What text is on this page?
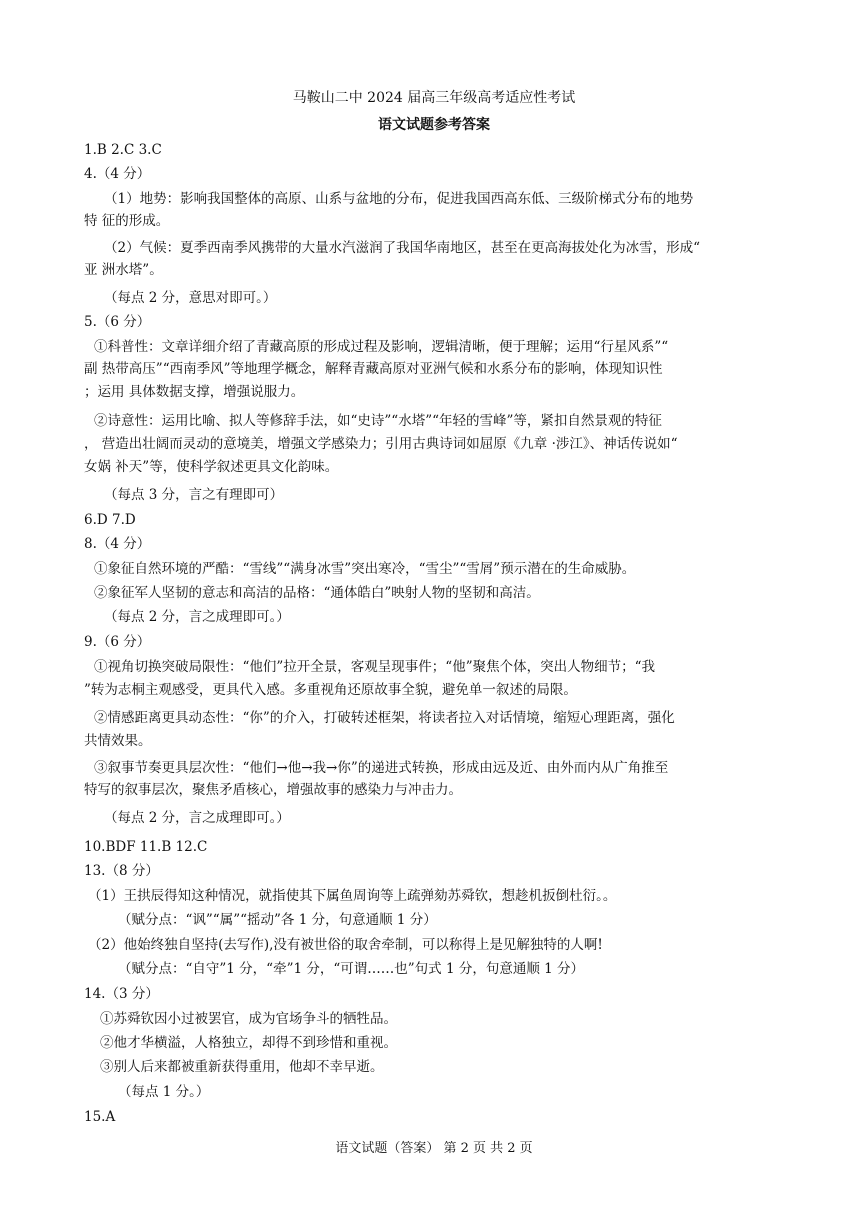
马鞍山二中 2024 届高三年级高考适应性考试
语文试题参考答案
1.B 2.C 3.C
4.（4 分）
（1）地势：影响我国整体的高原、山系与盆地的分布，促进我国西高东低、三级阶梯式分布的地势
特 征的形成。
（2）气候：夏季西南季风携带的大量水汽滋润了我国华南地区，甚至在更高海拔处化为冰雪，形成“
亚 洲水塔”。
（每点 2 分，意思对即可。）
5.（6 分）
①科普性：文章详细介绍了青藏高原的形成过程及影响，逻辑清晰，便于理解；运用“行星风系”“
副 热带高压”“西南季风”等地理学概念，解释青藏高原对亚洲气候和水系分布的影响，体现知识性
；运用 具体数据支撑，增强说服力。
②诗意性：运用比喻、拟人等修辞手法，如“史诗”“水塔”“年轻的雪峰”等，紧扣自然景观的特征
， 营造出壮阔而灵动的意境美，增强文学感染力；引用古典诗词如屈原《九章 ·涉江》、神话传说如“
女娲 补天”等，使科学叙述更具文化韵味。
（每点 3 分，言之有理即可）
6.D 7.D
8.（4 分）
①象征自然环境的严酷：“雪线”“满身冰雪”突出寒冷，“雪尘”“雪屑”预示潜在的生命威胁。
②象征军人坚韧的意志和高洁的品格：“通体皓白”映射人物的坚韧和高洁。
（每点 2 分，言之成理即可。）
9.（6 分）
①视角切换突破局限性：“他们”拉开全景，客观呈现事件；“他”聚焦个体，突出人物细节；“我
”转为志桐主观感受，更具代入感。多重视角还原故事全貌，避免单一叙述的局限。
②情感距离更具动态性：“你”的介入，打破转述框架，将读者拉入对话情境，缩短心理距离，强化
共情效果。
③叙事节奏更具层次性：“他们→他→我→你”的递进式转换，形成由远及近、由外而内从广角推至
特写的叙事层次，聚焦矛盾核心，增强故事的感染力与冲击力。
（每点 2 分，言之成理即可。）
10.BDF 11.B 12.C
13.（8 分）
（1）王拱辰得知这种情况，就指使其下属鱼周询等上疏弹劾苏舜钦，想趁机扳倒杜衍。。
（赋分点：“讽”“属”“摇动”各 1 分，句意通顺 1 分）
（2）他始终独自坚持(去写作),没有被世俗的取舍牵制，可以称得上是见解独特的人啊!
（赋分点：“自守”1 分，“牵”1 分，“可谓……也”句式 1 分，句意通顺 1 分）
14.（3 分）
①苏舜钦因小过被罢官，成为官场争斗的牺牲品。
②他才华横溢，人格独立，却得不到珍惜和重视。
③别人后来都被重新获得重用，他却不幸早逝。
（每点 1 分。）
15.A
语文试题（答案） 第 2 页 共 2 页
